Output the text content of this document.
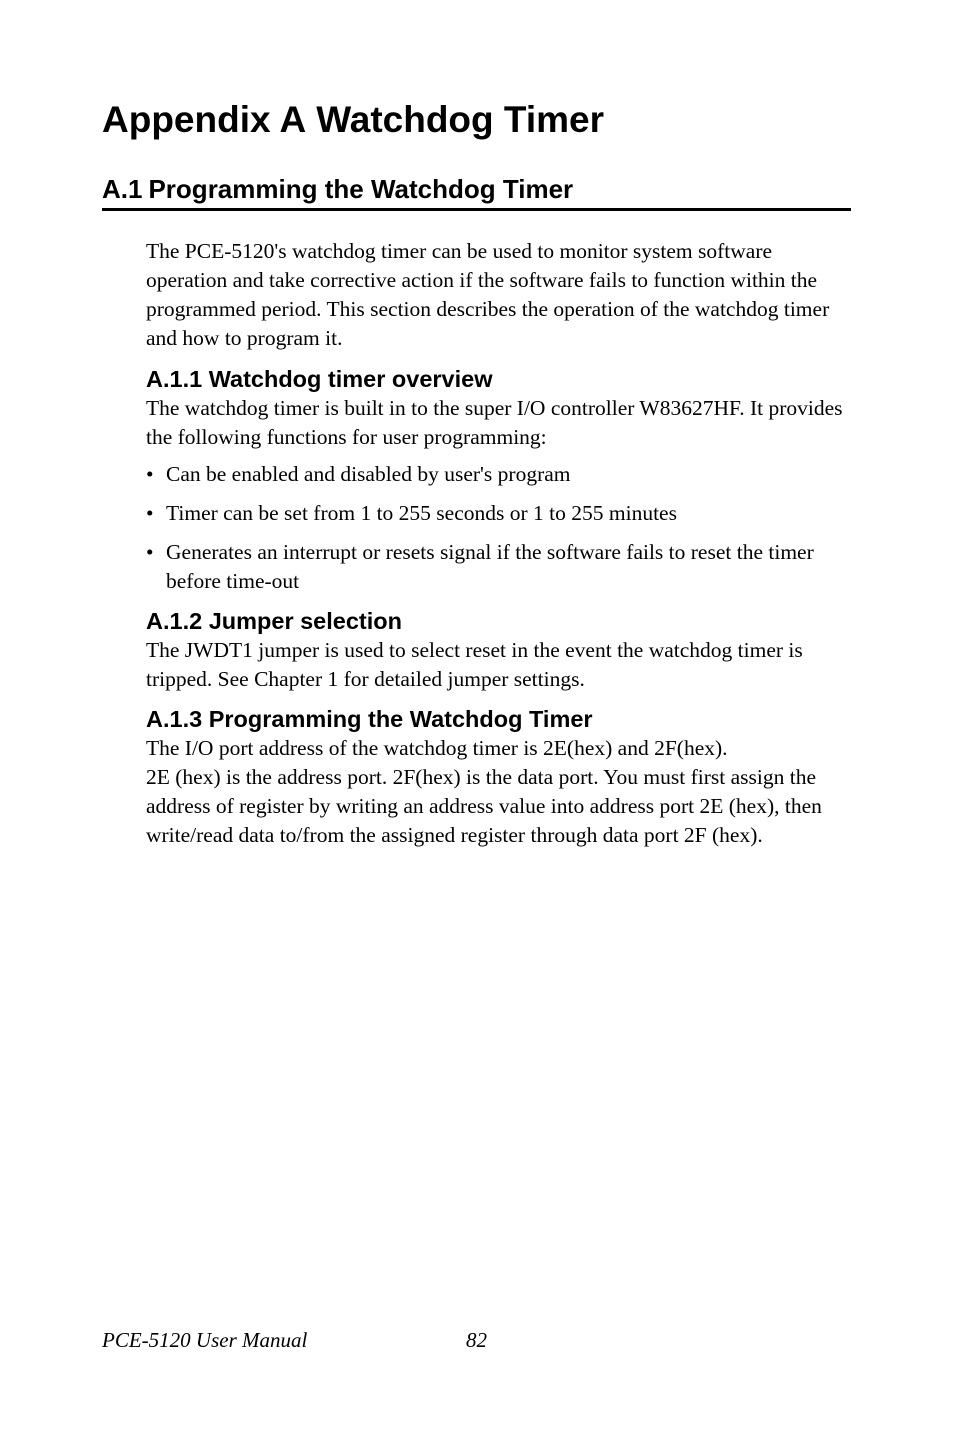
Appendix A Watchdog Timer
A.1 Programming the Watchdog Timer

The PCE-5120's watchdog timer can be used to monitor system software operation and take corrective action if the software fails to function within the programmed period. This section describes the operation of the watchdog timer and how to program it.

A.1.1 Watchdog timer overview

The watchdog timer is built in to the super I/O controller W83627HF. It provides the following functions for user programming:

• Can be enabled and disabled by user's program
• Timer can be set from 1 to 255 seconds or 1 to 255 minutes
• Generates an interrupt or resets signal if the software fails to reset the timer before time-out
A.1.2 Jumper selection

The JWDT1 jumper is used to select reset in the event the watchdog timer is tripped. See Chapter 1 for detailed jumper settings.

A.1.3 Programming the Watchdog Timer

The I/O port address of the watchdog timer is 2E(hex) and 2F(hex).

2E (hex) is the address port. 2F(hex) is the data port. You must first assign the address of register by writing an address value into address port 2E (hex), then write/read data to/from the assigned register through data port 2F (hex).

PCE-5120 User Manual	82
